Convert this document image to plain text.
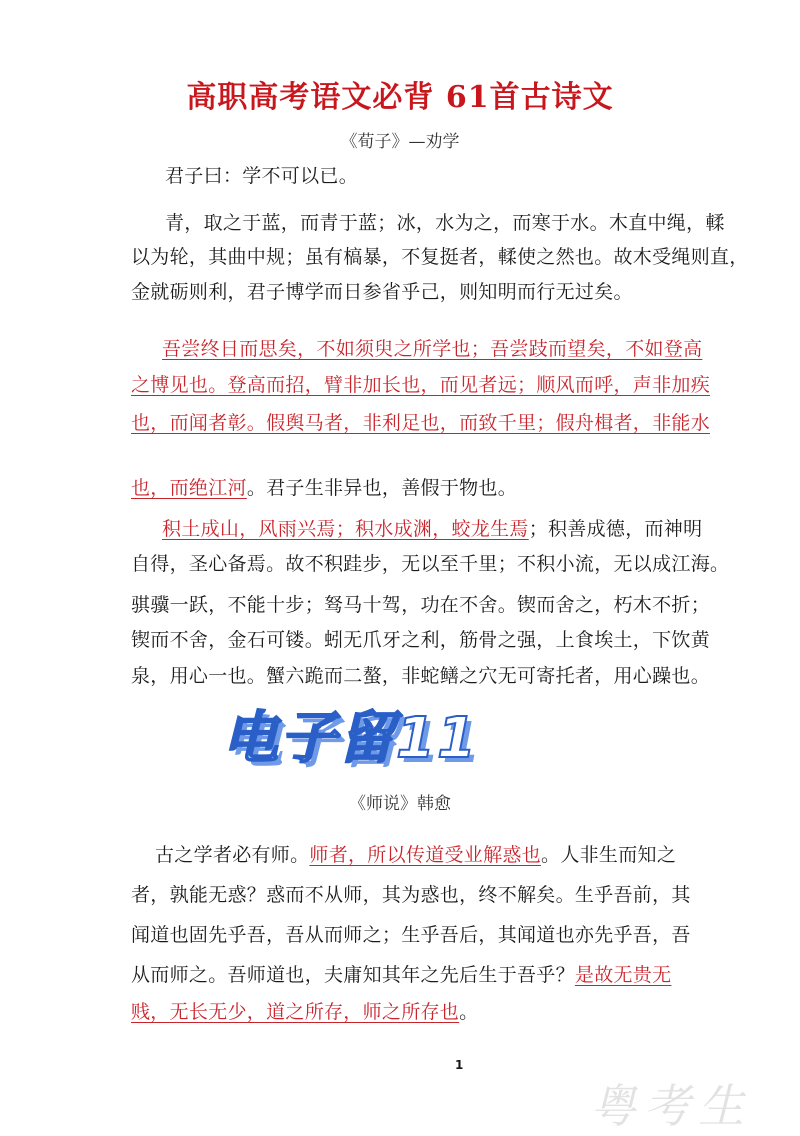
高职高考语文必背 61首古诗文
《荀子》—劝学
君子曰：学不可以已。
青，取之于蓝，而青于蓝；冰，水为之，而寒于水。木直中绳，輮
以为轮，其曲中规；虽有槁暴，不复挺者，輮使之然也。故木受绳则直，
金就砺则利，君子博学而日参省乎己，则知明而行无过矣。
吾尝终日而思矣，不如须臾之所学也；吾尝跂而望矣，不如登高
之博见也。登高而招，臂非加长也，而见者远；顺风而呼，声非加疾
也，而闻者彰。假舆马者，非利足也，而致千里；假舟楫者，非能水
也，而绝江河。君子生非异也，善假于物也。
积土成山，风雨兴焉；积水成渊，蛟龙生焉；积善成德，而神明
自得，圣心备焉。故不积跬步，无以至千里；不积小流，无以成江海。
骐骥一跃，不能十步；驽马十驾，功在不舍。锲而舍之，朽木不折；
锲而不舍，金石可镂。蚓无爪牙之利，筋骨之强，上食埃土，下饮黄
泉，用心一也。蟹六跪而二螯，非蛇鳝之穴无可寄托者，用心躁也。
电子留11
《师说》韩愈
古之学者必有师。师者，所以传道受业解惑也。人非生而知之
者，孰能无惑？惑而不从师，其为惑也，终不解矣。生乎吾前，其
闻道也固先乎吾，吾从而师之；生乎吾后，其闻道也亦先乎吾，吾
从而师之。吾师道也，夫庸知其年之先后生于吾乎？是故无贵无
贱，无长无少，道之所存，师之所存也。
1
粤考生
